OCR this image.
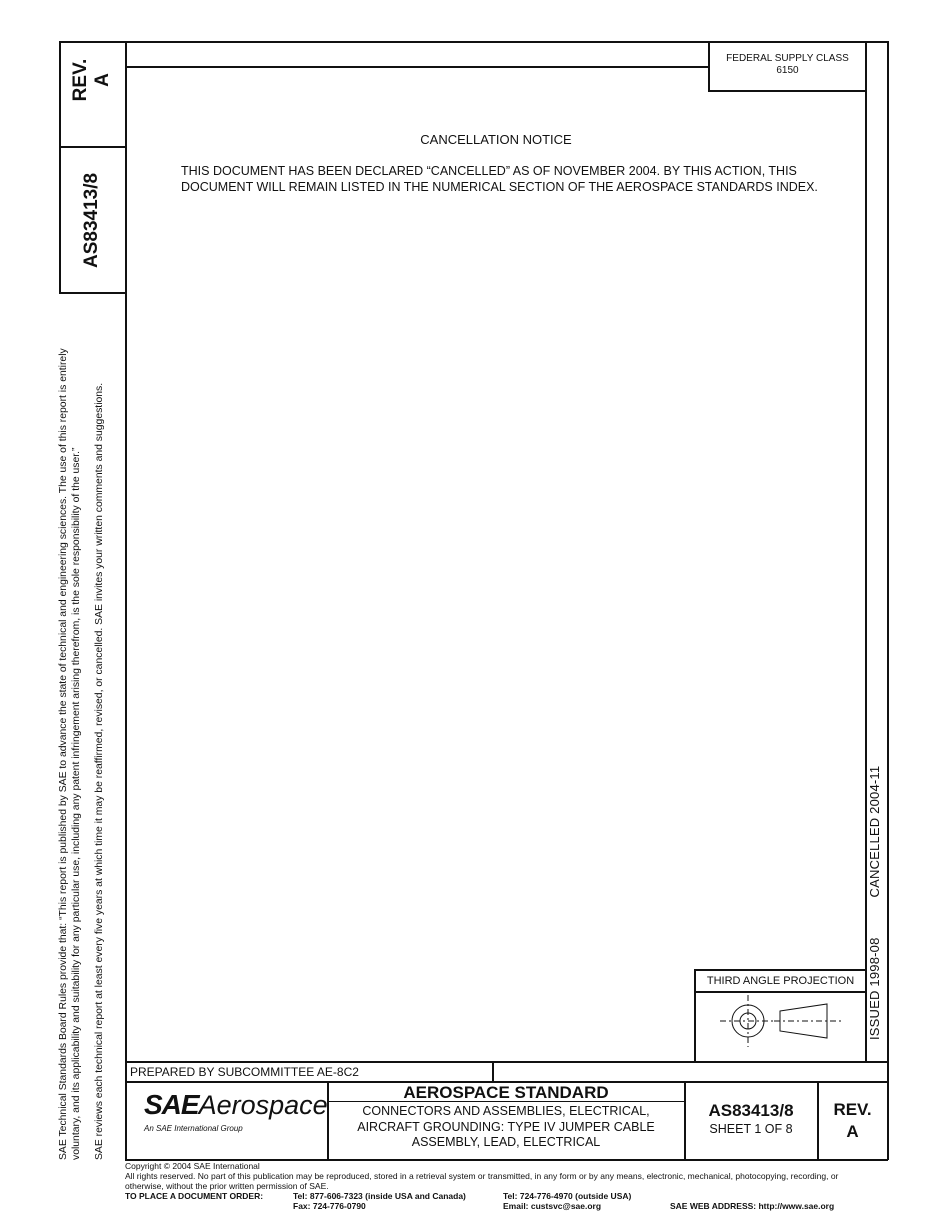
REV. A
AS83413/8

SAE Technical Standards Board Rules provide that: “This report is published by SAE to advance the state of technical and engineering sciences. The use of this report is entirely voluntary, and its applicability and suitability for any particular use, including any patent infringement arising therefrom, is the sole responsibility of the user.” SAE reviews each technical report at least every five years at which time it may be reaffirmed, revised, or cancelled. SAE invites your written comments and suggestions.
FEDERAL SUPPLY CLASS
6150
CANCELLATION NOTICE
THIS DOCUMENT HAS BEEN DECLARED “CANCELLED” AS OF NOVEMBER 2004. BY THIS ACTION, THIS
DOCUMENT WILL REMAIN LISTED IN THE NUMERICAL SECTION OF THE AEROSPACE STANDARDS INDEX.
ISSUED 1998-08CANCELLED 2004-11
THIRD ANGLE PROJECTION
PREPARED BY SUBCOMMITTEE AE-8C2
SAEAerospace
An SAE International Group
AEROSPACE STANDARD
CONNECTORS AND ASSEMBLIES, ELECTRICAL,
AIRCRAFT GROUNDING: TYPE IV JUMPER CABLE
ASSEMBLY, LEAD, ELECTRICAL
AS83413/8
SHEET 1 OF 8
REV.
A
Copyright © 2004 SAE International
All rights reserved. No part of this publication may be reproduced, stored in a retrieval system or transmitted, in any form or by any means, electronic, mechanical, photocopying, recording, or
otherwise, without the prior written permission of SAE.
TO PLACE A DOCUMENT ORDER:	Tel: 877-606-7323 (inside USA and Canada)
Fax: 724-776-0790
Tel: 724-776-4970 (outside USA)
Email: custsvc@sae.org	SAE WEB ADDRESS: http://www.sae.org
